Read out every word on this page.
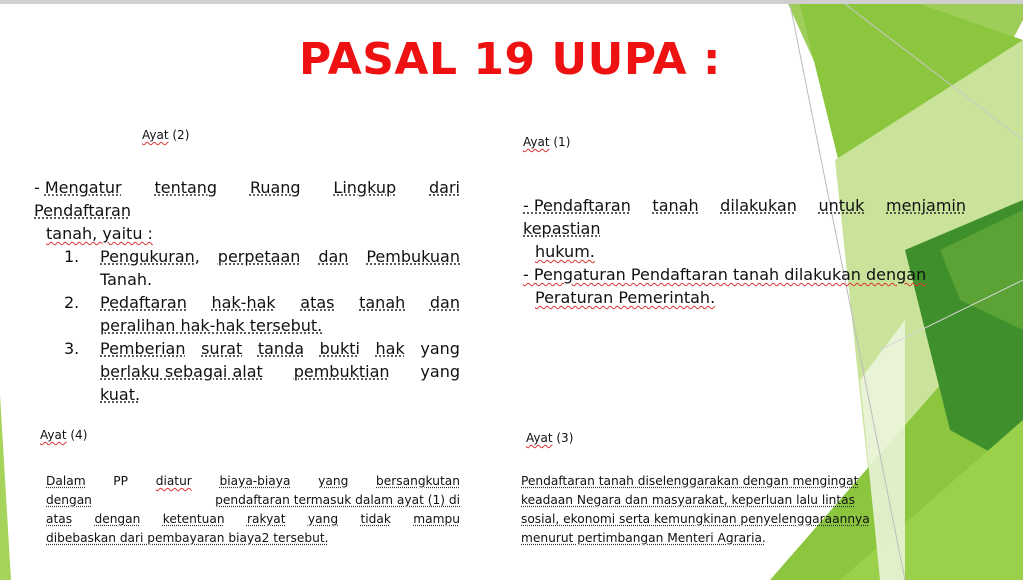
PASAL 19 UUPA :
Ayat (2)
- Mengatur tentang Ruang Lingkup dari
Pendaftaran
tanah, yaitu :
1. Pengukuran, perpetaan dan Pembukuan
Tanah.
2. Pedaftaran hak-hak atas tanah dan
peralihan hak-hak tersebut.
3. Pemberian surat tanda bukti hak yang
berlaku sebagai alat pembuktian yang
kuat.
Ayat (1)
- Pendaftaran tanah dilakukan untuk menjamin
kepastian
hukum.
- Pengaturan Pendaftaran tanah dilakukan dengan
Peraturan Pemerintah.
Ayat (4)
Dalam PP diatur biaya-biaya yang bersangkutan
dengan	pendaftaran termasuk dalam ayat (1) di
atas dengan ketentuan rakyat yang tidak mampu
dibebaskan dari pembayaran biaya2 tersebut.
Ayat (3)
Pendaftaran tanah diselenggarakan dengan mengingat
keadaan Negara dan masyarakat, keperluan lalu lintas
sosial, ekonomi serta kemungkinan penyelenggaraannya
menurut pertimbangan Menteri Agraria.
